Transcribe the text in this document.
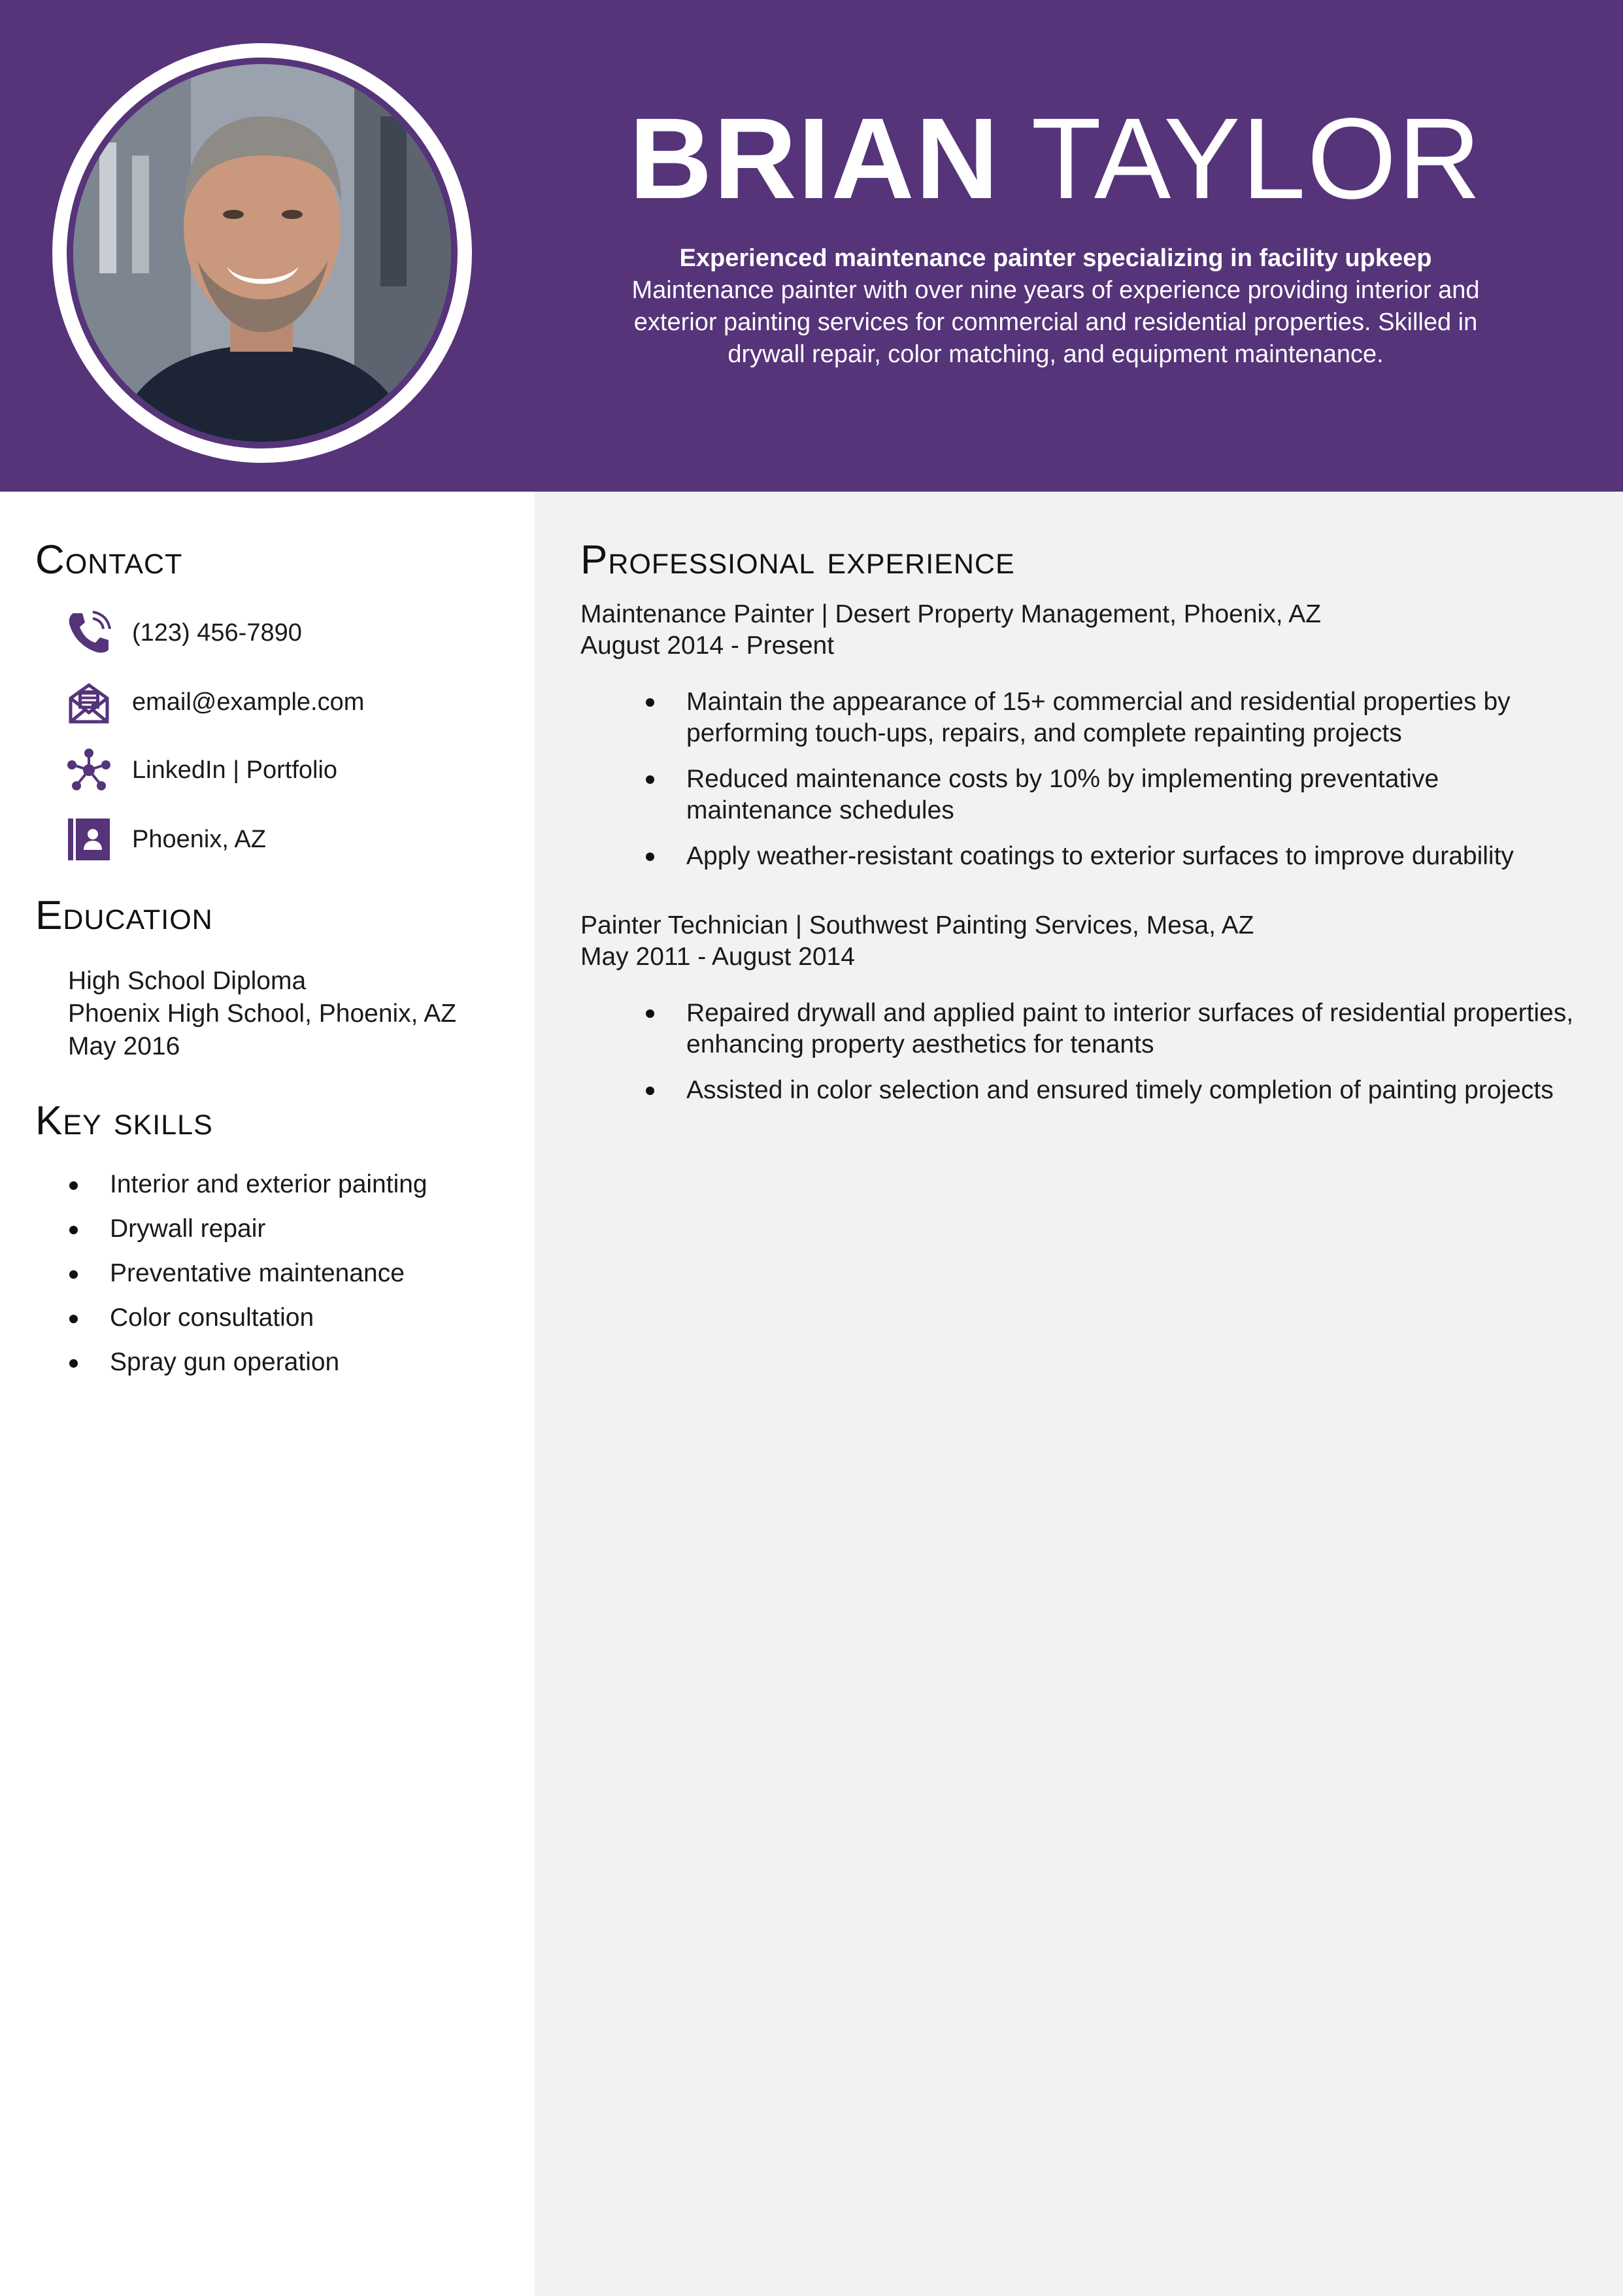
BRIAN TAYLOR
Experienced maintenance painter specializing in facility upkeep
Maintenance painter with over nine years of experience providing interior and exterior painting services for commercial and residential properties. Skilled in drywall repair, color matching, and equipment maintenance.
Contact
(123) 456-7890
email@example.com
LinkedIn | Portfolio
Phoenix, AZ
Education
High School Diploma
Phoenix High School, Phoenix, AZ
May 2016
Key skills
Interior and exterior painting
Drywall repair
Preventative maintenance
Color consultation
Spray gun operation
Professional experience
Maintenance Painter | Desert Property Management, Phoenix, AZ
August 2014 - Present
Maintain the appearance of 15+ commercial and residential properties by performing touch-ups, repairs, and complete repainting projects
Reduced maintenance costs by 10% by implementing preventative maintenance schedules
Apply weather-resistant coatings to exterior surfaces to improve durability
Painter Technician | Southwest Painting Services, Mesa, AZ
May 2011 - August 2014
Repaired drywall and applied paint to interior surfaces of residential properties, enhancing property aesthetics for tenants
Assisted in color selection and ensured timely completion of painting projects
